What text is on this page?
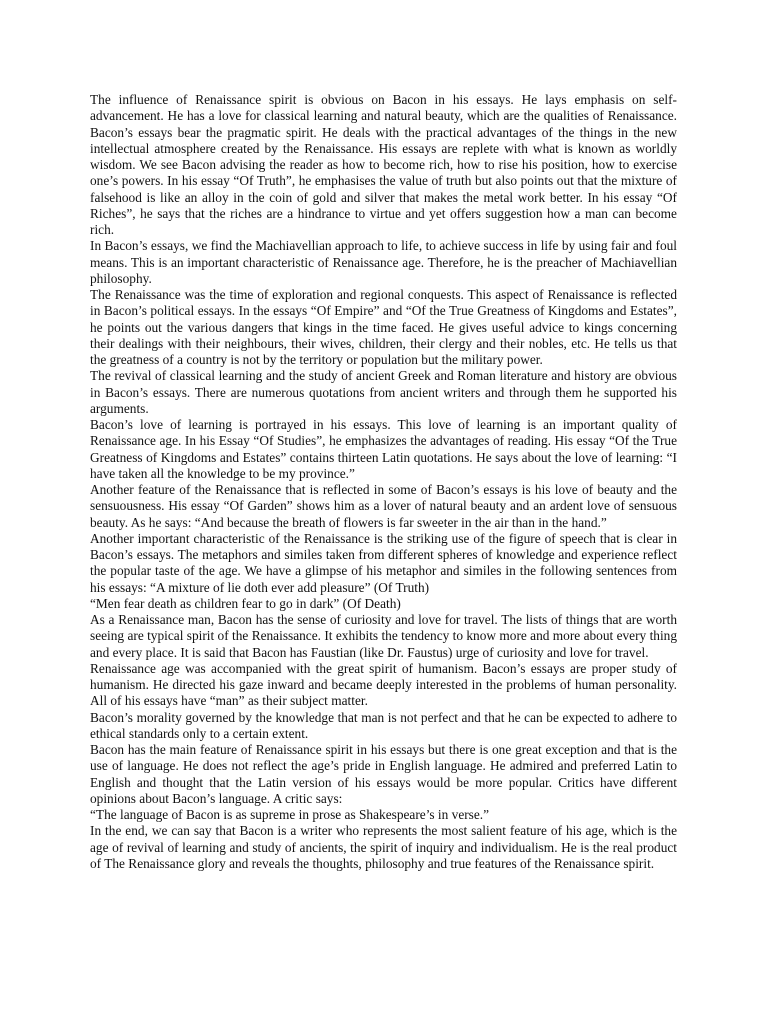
The influence of Renaissance spirit is obvious on Bacon in his essays. He lays emphasis on self-advancement. He has a love for classical learning and natural beauty, which are the qualities of Renaissance. Bacon’s essays bear the pragmatic spirit. He deals with the practical advantages of the things in the new intellectual atmosphere created by the Renaissance. His essays are replete with what is known as worldly wisdom. We see Bacon advising the reader as how to become rich, how to rise his position, how to exercise one’s powers. In his essay “Of Truth”, he emphasises the value of truth but also points out that the mixture of falsehood is like an alloy in the coin of gold and silver that makes the metal work better. In his essay “Of Riches”, he says that the riches are a hindrance to virtue and yet offers suggestion how a man can become rich.

In Bacon’s essays, we find the Machiavellian approach to life, to achieve success in life by using fair and foul means. This is an important characteristic of Renaissance age. Therefore, he is the preacher of Machiavellian philosophy.

The Renaissance was the time of exploration and regional conquests. This aspect of Renaissance is reflected in Bacon’s political essays. In the essays “Of Empire” and “Of the True Greatness of Kingdoms and Estates”, he points out the various dangers that kings in the time faced. He gives useful advice to kings concerning their dealings with their neighbours, their wives, children, their clergy and their nobles, etc. He tells us that the greatness of a country is not by the territory or population but the military power.

The revival of classical learning and the study of ancient Greek and Roman literature and history are obvious in Bacon’s essays. There are numerous quotations from ancient writers and through them he supported his arguments.

Bacon’s love of learning is portrayed in his essays. This love of learning is an important quality of Renaissance age. In his Essay “Of Studies”, he emphasizes the advantages of reading. His essay “Of the True Greatness of Kingdoms and Estates” contains thirteen Latin quotations. He says about the love of learning: “I have taken all the knowledge to be my province.”

Another feature of the Renaissance that is reflected in some of Bacon’s essays is his love of beauty and the sensuousness. His essay “Of Garden” shows him as a lover of natural beauty and an ardent love of sensuous beauty. As he says: “And because the breath of flowers is far sweeter in the air than in the hand.”

Another important characteristic of the Renaissance is the striking use of the figure of speech that is clear in Bacon’s essays. The metaphors and similes taken from different spheres of knowledge and experience reflect the popular taste of the age. We have a glimpse of his metaphor and similes in the following sentences from his essays: “A mixture of lie doth ever add pleasure” (Of Truth)

“Men fear death as children fear to go in dark” (Of Death)

As a Renaissance man, Bacon has the sense of curiosity and love for travel. The lists of things that are worth seeing are typical spirit of the Renaissance. It exhibits the tendency to know more and more about every thing and every place. It is said that Bacon has Faustian (like Dr. Faustus) urge of curiosity and love for travel.

Renaissance age was accompanied with the great spirit of humanism. Bacon’s essays are proper study of humanism. He directed his gaze inward and became deeply interested in the problems of human personality. All of his essays have “man” as their subject matter.

Bacon’s morality governed by the knowledge that man is not perfect and that he can be expected to adhere to ethical standards only to a certain extent.

Bacon has the main feature of Renaissance spirit in his essays but there is one great exception and that is the use of language. He does not reflect the age’s pride in English language. He admired and preferred Latin to English and thought that the Latin version of his essays would be more popular. Critics have different opinions about Bacon’s language. A critic says:

“The language of Bacon is as supreme in prose as Shakespeare’s in verse.”

In the end, we can say that Bacon is a writer who represents the most salient feature of his age, which is the age of revival of learning and study of ancients, the spirit of inquiry and individualism. He is the real product of The Renaissance glory and reveals the thoughts, philosophy and true features of the Renaissance spirit.
